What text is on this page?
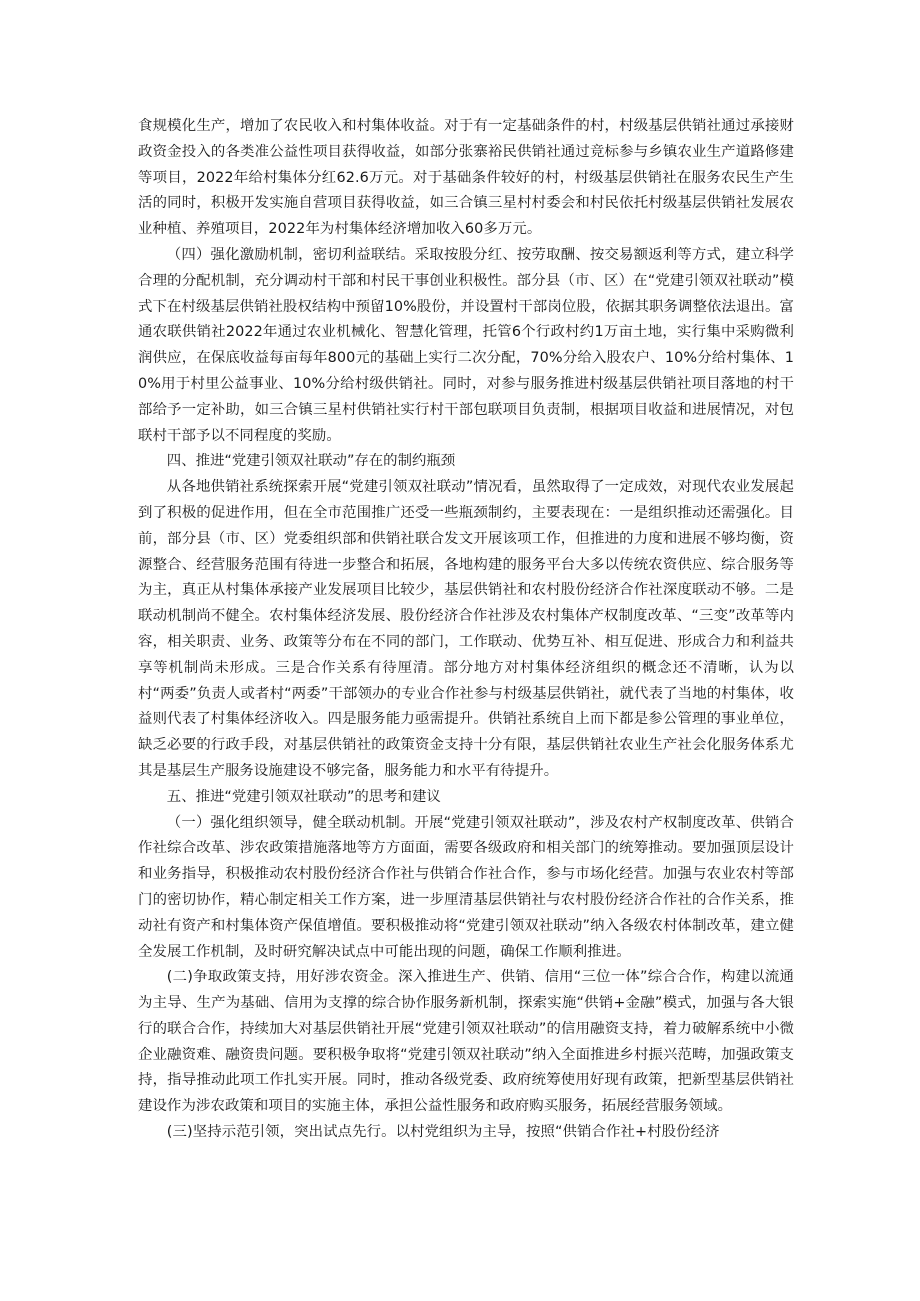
食规模化生产，增加了农民收入和村集体收益。对于有一定基础条件的村，村级基层供销社通过承接财政资金投入的各类准公益性项目获得收益，如部分张寨裕民供销社通过竞标参与乡镇农业生产道路修建等项目，2022年给村集体分红62.6万元。对于基础条件较好的村，村级基层供销社在服务农民生产生活的同时，积极开发实施自营项目获得收益，如三合镇三星村村委会和村民依托村级基层供销社发展农业种植、养殖项目，2022年为村集体经济增加收入60多万元。

（四）强化激励机制，密切利益联结。采取按股分红、按劳取酬、按交易额返利等方式，建立科学合理的分配机制，充分调动村干部和村民干事创业积极性。部分县（市、区）在“党建引领双社联动”模式下在村级基层供销社股权结构中预留10%股份，并设置村干部岗位股，依据其职务调整依法退出。富通农联供销社2022年通过农业机械化、智慧化管理，托管6个行政村约1万亩土地，实行集中采购微利润供应，在保底收益每亩每年800元的基础上实行二次分配，70%分给入股农户、10%分给村集体、10%用于村里公益事业、10%分给村级供销社。同时，对参与服务推进村级基层供销社项目落地的村干部给予一定补助，如三合镇三星村供销社实行村干部包联项目负责制，根据项目收益和进展情况，对包联村干部予以不同程度的奖励。

四、推进“党建引领双社联动”存在的制约瓶颈

从各地供销社系统探索开展“党建引领双社联动”情况看，虽然取得了一定成效，对现代农业发展起到了积极的促进作用，但在全市范围推广还受一些瓶颈制约，主要表现在：一是组织推动还需强化。目前，部分县（市、区）党委组织部和供销社联合发文开展该项工作，但推进的力度和进展不够均衡，资源整合、经营服务范围有待进一步整合和拓展，各地构建的服务平台大多以传统农资供应、综合服务等为主，真正从村集体承接产业发展项目比较少，基层供销社和农村股份经济合作社深度联动不够。二是联动机制尚不健全。农村集体经济发展、股份经济合作社涉及农村集体产权制度改革、“三变”改革等内容，相关职责、业务、政策等分布在不同的部门，工作联动、优势互补、相互促进、形成合力和利益共享等机制尚未形成。三是合作关系有待厘清。部分地方对村集体经济组织的概念还不清晰，认为以村“两委”负责人或者村“两委”干部领办的专业合作社参与村级基层供销社，就代表了当地的村集体，收益则代表了村集体经济收入。四是服务能力亟需提升。供销社系统自上而下都是参公管理的事业单位，缺乏必要的行政手段，对基层供销社的政策资金支持十分有限，基层供销社农业生产社会化服务体系尤其是基层生产服务设施建设不够完备，服务能力和水平有待提升。

五、推进“党建引领双社联动”的思考和建议

（一）强化组织领导，健全联动机制。开展“党建引领双社联动”，涉及农村产权制度改革、供销合作社综合改革、涉农政策措施落地等方方面面，需要各级政府和相关部门的统筹推动。要加强顶层设计和业务指导，积极推动农村股份经济合作社与供销合作社合作，参与市场化经营。加强与农业农村等部门的密切协作，精心制定相关工作方案，进一步厘清基层供销社与农村股份经济合作社的合作关系，推动社有资产和村集体资产保值增值。要积极推动将“党建引领双社联动”纳入各级农村体制改革，建立健全发展工作机制，及时研究解决试点中可能出现的问题，确保工作顺利推进。

(二)争取政策支持，用好涉农资金。深入推进生产、供销、信用“三位一体”综合合作，构建以流通为主导、生产为基础、信用为支撑的综合协作服务新机制，探索实施“供销+金融”模式，加强与各大银行的联合合作，持续加大对基层供销社开展“党建引领双社联动”的信用融资支持，着力破解系统中小微企业融资难、融资贵问题。要积极争取将“党建引领双社联动”纳入全面推进乡村振兴范畴，加强政策支持，指导推动此项工作扎实开展。同时，推动各级党委、政府统筹使用好现有政策，把新型基层供销社建设作为涉农政策和项目的实施主体，承担公益性服务和政府购买服务，拓展经营服务领域。

(三)坚持示范引领，突出试点先行。以村党组织为主导，按照“供销合作社+村股份经济
